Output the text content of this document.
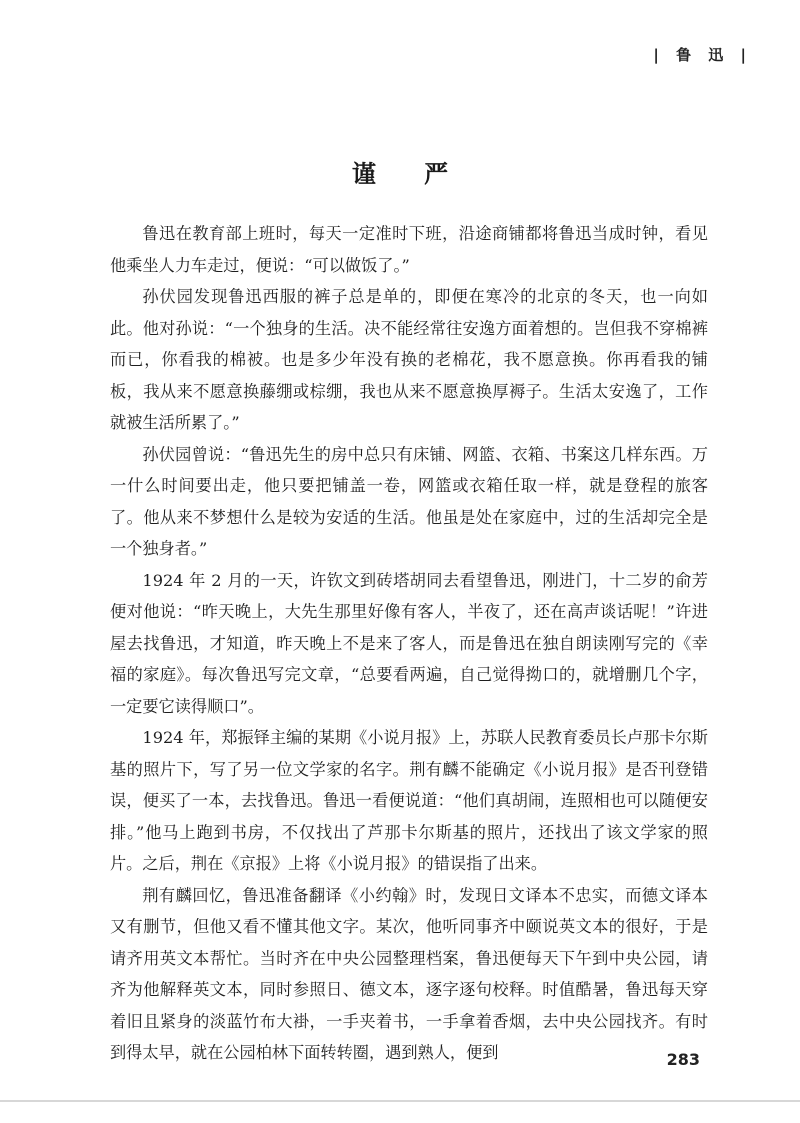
| 鲁 迅 |
谨 严

鲁迅在教育部上班时，每天一定准时下班，沿途商铺都将鲁迅当成时钟，看见他乘坐人力车走过，便说：“可以做饭了。”

孙伏园发现鲁迅西服的裤子总是单的，即便在寒冷的北京的冬天，也一向如此。他对孙说：“一个独身的生活。决不能经常往安逸方面着想的。岂但我不穿棉裤而已，你看我的棉被。也是多少年没有换的老棉花，我不愿意换。你再看我的铺板，我从来不愿意换藤绷或棕绷，我也从来不愿意换厚褥子。生活太安逸了，工作就被生活所累了。”

孙伏园曾说：“鲁迅先生的房中总只有床铺、网篮、衣箱、书案这几样东西。万一什么时间要出走，他只要把铺盖一卷，网篮或衣箱任取一样，就是登程的旅客了。他从来不梦想什么是较为安适的生活。他虽是处在家庭中，过的生活却完全是一个独身者。”

1924 年 2 月的一天，许钦文到砖塔胡同去看望鲁迅，刚进门，十二岁的俞芳便对他说：“昨天晚上，大先生那里好像有客人，半夜了，还在高声谈话呢！”许进屋去找鲁迅，才知道，昨天晚上不是来了客人，而是鲁迅在独自朗读刚写完的《幸福的家庭》。每次鲁迅写完文章，“总要看两遍，自己觉得拗口的，就增删几个字，一定要它读得顺口”。

1924 年，郑振铎主编的某期《小说月报》上，苏联人民教育委员长卢那卡尔斯基的照片下，写了另一位文学家的名字。荆有麟不能确定《小说月报》是否刊登错误，便买了一本，去找鲁迅。鲁迅一看便说道：“他们真胡闹，连照相也可以随便安排。”他马上跑到书房，不仅找出了芦那卡尔斯基的照片，还找出了该文学家的照片。之后，荆在《京报》上将《小说月报》的错误指了出来。

荆有麟回忆，鲁迅准备翻译《小约翰》时，发现日文译本不忠实，而德文译本又有删节，但他又看不懂其他文字。某次，他听同事齐中颐说英文本的很好，于是请齐用英文本帮忙。当时齐在中央公园整理档案，鲁迅便每天下午到中央公园，请齐为他解释英文本，同时参照日、德文本，逐字逐句校释。时值酷暑，鲁迅每天穿着旧且紧身的淡蓝竹布大褂，一手夹着书，一手拿着香烟，去中央公园找齐。有时到得太早，就在公园柏林下面转转圈，遇到熟人，便到	283
